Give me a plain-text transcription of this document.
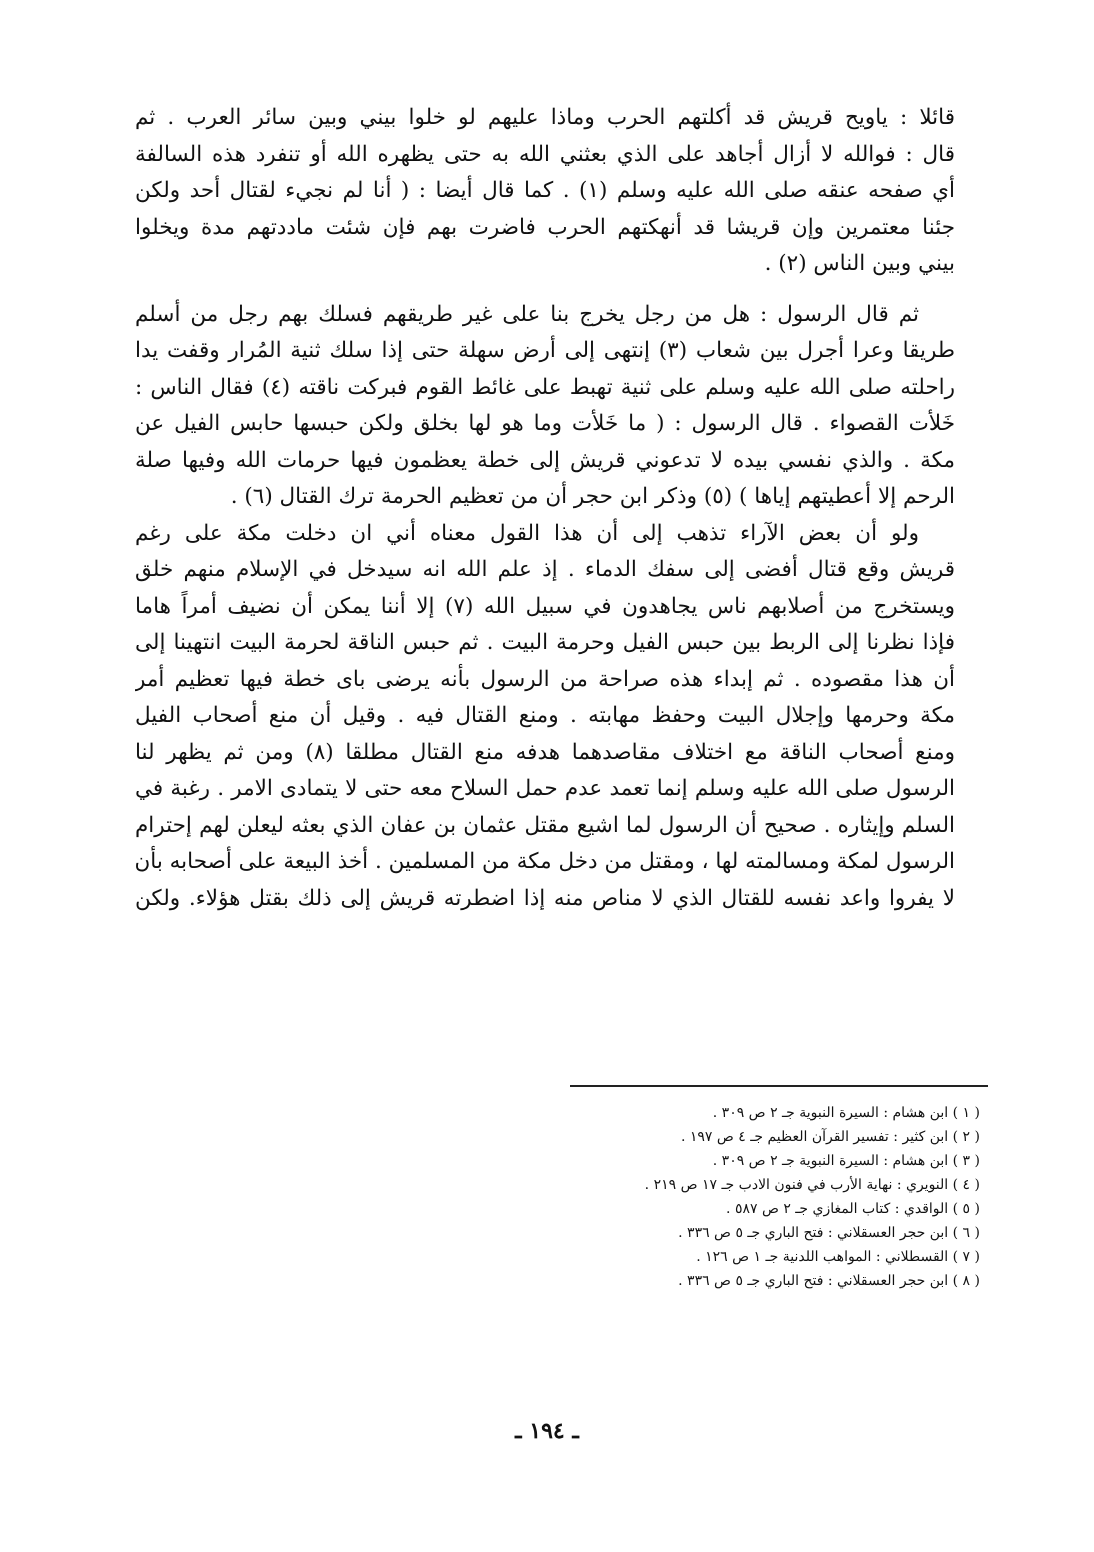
قائلا : ياويح قريش قد أكلتهم الحرب وماذا عليهم لو خلوا بيني وبين سائر العرب . ثم
قال : فوالله لا أزال أجاهد على الذي بعثني الله به حتى يظهره الله أو تنفرد هذه السالفة
أي صفحه عنقه صلى الله عليه وسلم (١) . كما قال أيضا : ( أنا لم نجيء لقتال أحد ولكن
جئنا معتمرين وإن قريشا قد أنهكتهم الحرب فاضرت بهم فإن شئت ماددتهم مدة ويخلوا
بيني وبين الناس (٢) .

ثم قال الرسول : هل من رجل يخرج بنا على غير طريقهم فسلك بهم رجل من أسلم
طريقا وعرا أجرل بين شعاب (٣) إنتهى إلى أرض سهلة حتى إذا سلك ثنية المُرار وقفت يدا
راحلته صلى الله عليه وسلم على ثنية تهبط على غائط القوم فبركت ناقته (٤) فقال الناس :
خَلأت القصواء . قال الرسول : ( ما خَلأت وما هو لها بخلق ولكن حبسها حابس الفيل عن
مكة . والذي نفسي بيده لا تدعوني قريش إلى خطة يعظمون فيها حرمات الله وفيها صلة
الرحم إلا أعطيتهم إياها ) (٥) وذكر ابن حجر أن من تعظيم الحرمة ترك القتال (٦) .

ولو أن بعض الآراء تذهب إلى أن هذا القول معناه أني ان دخلت مكة على رغم
قريش وقع قتال أفضى إلى سفك الدماء . إذ علم الله انه سيدخل في الإسلام منهم خلق
ويستخرج من أصلابهم ناس يجاهدون في سبيل الله (٧) إلا أننا يمكن أن نضيف أمراً هاما
فإذا نظرنا إلى الربط بين حبس الفيل وحرمة البيت . ثم حبس الناقة لحرمة البيت انتهينا إلى
أن هذا مقصوده . ثم إبداء هذه صراحة من الرسول بأنه يرضى باى خطة فيها تعظيم أمر
مكة وحرمها وإجلال البيت وحفظ مهابته . ومنع القتال فيه . وقيل أن منع أصحاب الفيل
ومنع أصحاب الناقة مع اختلاف مقاصدهما هدفه منع القتال مطلقا (٨) ومن ثم يظهر لنا
الرسول صلى الله عليه وسلم إنما تعمد عدم حمل السلاح معه حتى لا يتمادى الامر . رغبة في
السلم وإيثاره . صحيح أن الرسول لما اشيع مقتل عثمان بن عفان الذي بعثه ليعلن لهم إحترام
الرسول لمكة ومسالمته لها ، ومقتل من دخل مكة من المسلمين . أخذ البيعة على أصحابه بأن
لا يفروا واعد نفسه للقتال الذي لا مناص منه إذا اضطرته قريش إلى ذلك بقتل هؤلاء. ولكن

( ١ ) ابن هشام : السيرة النبوية جـ ٢ ص ٣٠٩ .
( ٢ ) ابن كثير : تفسير القرآن العظيم جـ ٤ ص ١٩٧ .
( ٣ ) ابن هشام : السيرة النبوية جـ ٢ ص ٣٠٩ .
( ٤ ) النويري : نهاية الأرب في فنون الادب جـ ١٧ ص ٢١٩ .
( ٥ ) الواقدي : كتاب المغازي جـ ٢ ص ٥٨٧ .
( ٦ ) ابن حجر العسقلاني : فتح الباري جـ ٥ ص ٣٣٦ .
( ٧ ) القسطلاني : المواهب اللدنية جـ ١ ص ١٢٦ .
( ٨ ) ابن حجر العسقلاني : فتح الباري جـ ٥ ص ٣٣٦ .
ـ ١٩٤ ـ
